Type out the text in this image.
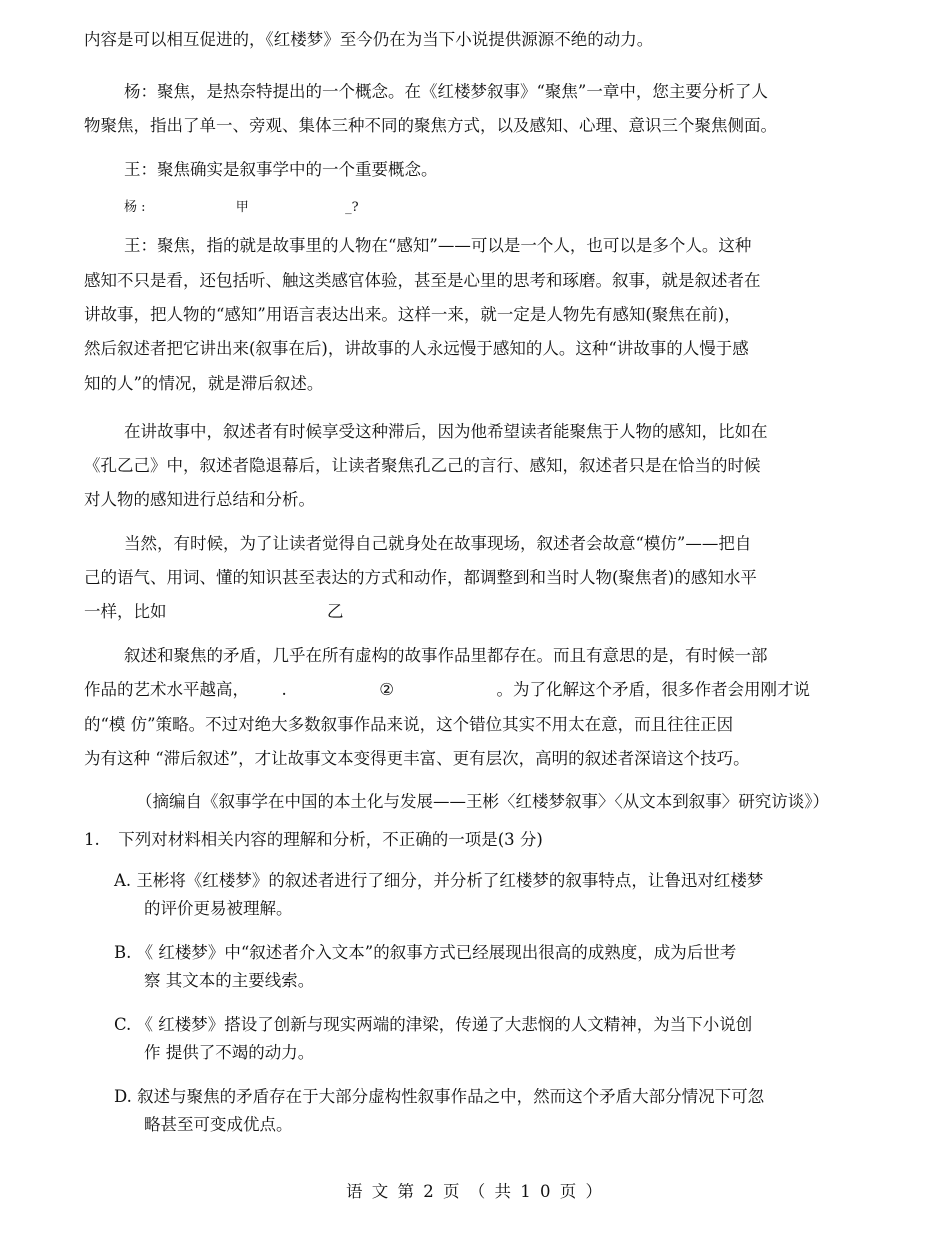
内容是可以相互促进的，《红楼梦》至今仍在为当下小说提供源源不绝的动力。
杨：聚焦，是热奈特提出的一个概念。在《红楼梦叙事》“聚焦”一章中，您主要分析了人
物聚焦，指出了单一、旁观、集体三种不同的聚焦方式，以及感知、心理、意识三个聚焦侧面。
王：聚焦确实是叙事学中的一个重要概念。
杨 :	甲	_?
王：聚焦，指的就是故事里的人物在“感知”——可以是一个人，也可以是多个人。这种
感知不只是看，还包括听、触这类感官体验，甚至是心里的思考和琢磨。叙事，就是叙述者在
讲故事，把人物的“感知”用语言表达出来。这样一来，就一定是人物先有感知(聚焦在前)，
然后叙述者把它讲出来(叙事在后)，讲故事的人永远慢于感知的人。这种“讲故事的人慢于感
知的人”的情况，就是滞后叙述。
在讲故事中，叙述者有时候享受这种滞后，因为他希望读者能聚焦于人物的感知，比如在
《孔乙己》中，叙述者隐退幕后，让读者聚焦孔乙己的言行、感知，叙述者只是在恰当的时候
对人物的感知进行总结和分析。
当然，有时候，为了让读者觉得自己就身处在故事现场，叙述者会故意“模仿”——把自
己的语气、用词、懂的知识甚至表达的方式和动作，都调整到和当时人物(聚焦者)的感知水平
一样，比如	乙
叙述和聚焦的矛盾，几乎在所有虚构的故事作品里都存在。而且有意思的是，有时候一部
作品的艺术水平越高， .	②	。为了化解这个矛盾，很多作者会用刚才说
的“模 仿”策略。不过对绝大多数叙事作品来说，这个错位其实不用太在意，而且往往正因
为有这种 “滞后叙述”，才让故事文本变得更丰富、更有层次，高明的叙述者深谙这个技巧。
（摘编自《叙事学在中国的本土化与发展——王彬〈红楼梦叙事〉〈从文本到叙事〉研究访谈》）
1. 下列对材料相关内容的理解和分析，不正确的一项是(3 分)
A. 王彬将《红楼梦》的叙述者进行了细分，并分析了红楼梦的叙事特点，让鲁迅对红楼梦
的评价更易被理解。
B. 《 红楼梦》中“叙述者介入文本”的叙事方式已经展现出很高的成熟度，成为后世考
察 其文本的主要线索。
C. 《 红楼梦》搭设了创新与现实两端的津梁，传递了大悲悯的人文精神，为当下小说创
作 提供了不竭的动力。
D. 叙述与聚焦的矛盾存在于大部分虚构性叙事作品之中，然而这个矛盾大部分情况下可忽
略甚至可变成优点。
语 文 第 2 页 （ 共 1 0 页 ）
